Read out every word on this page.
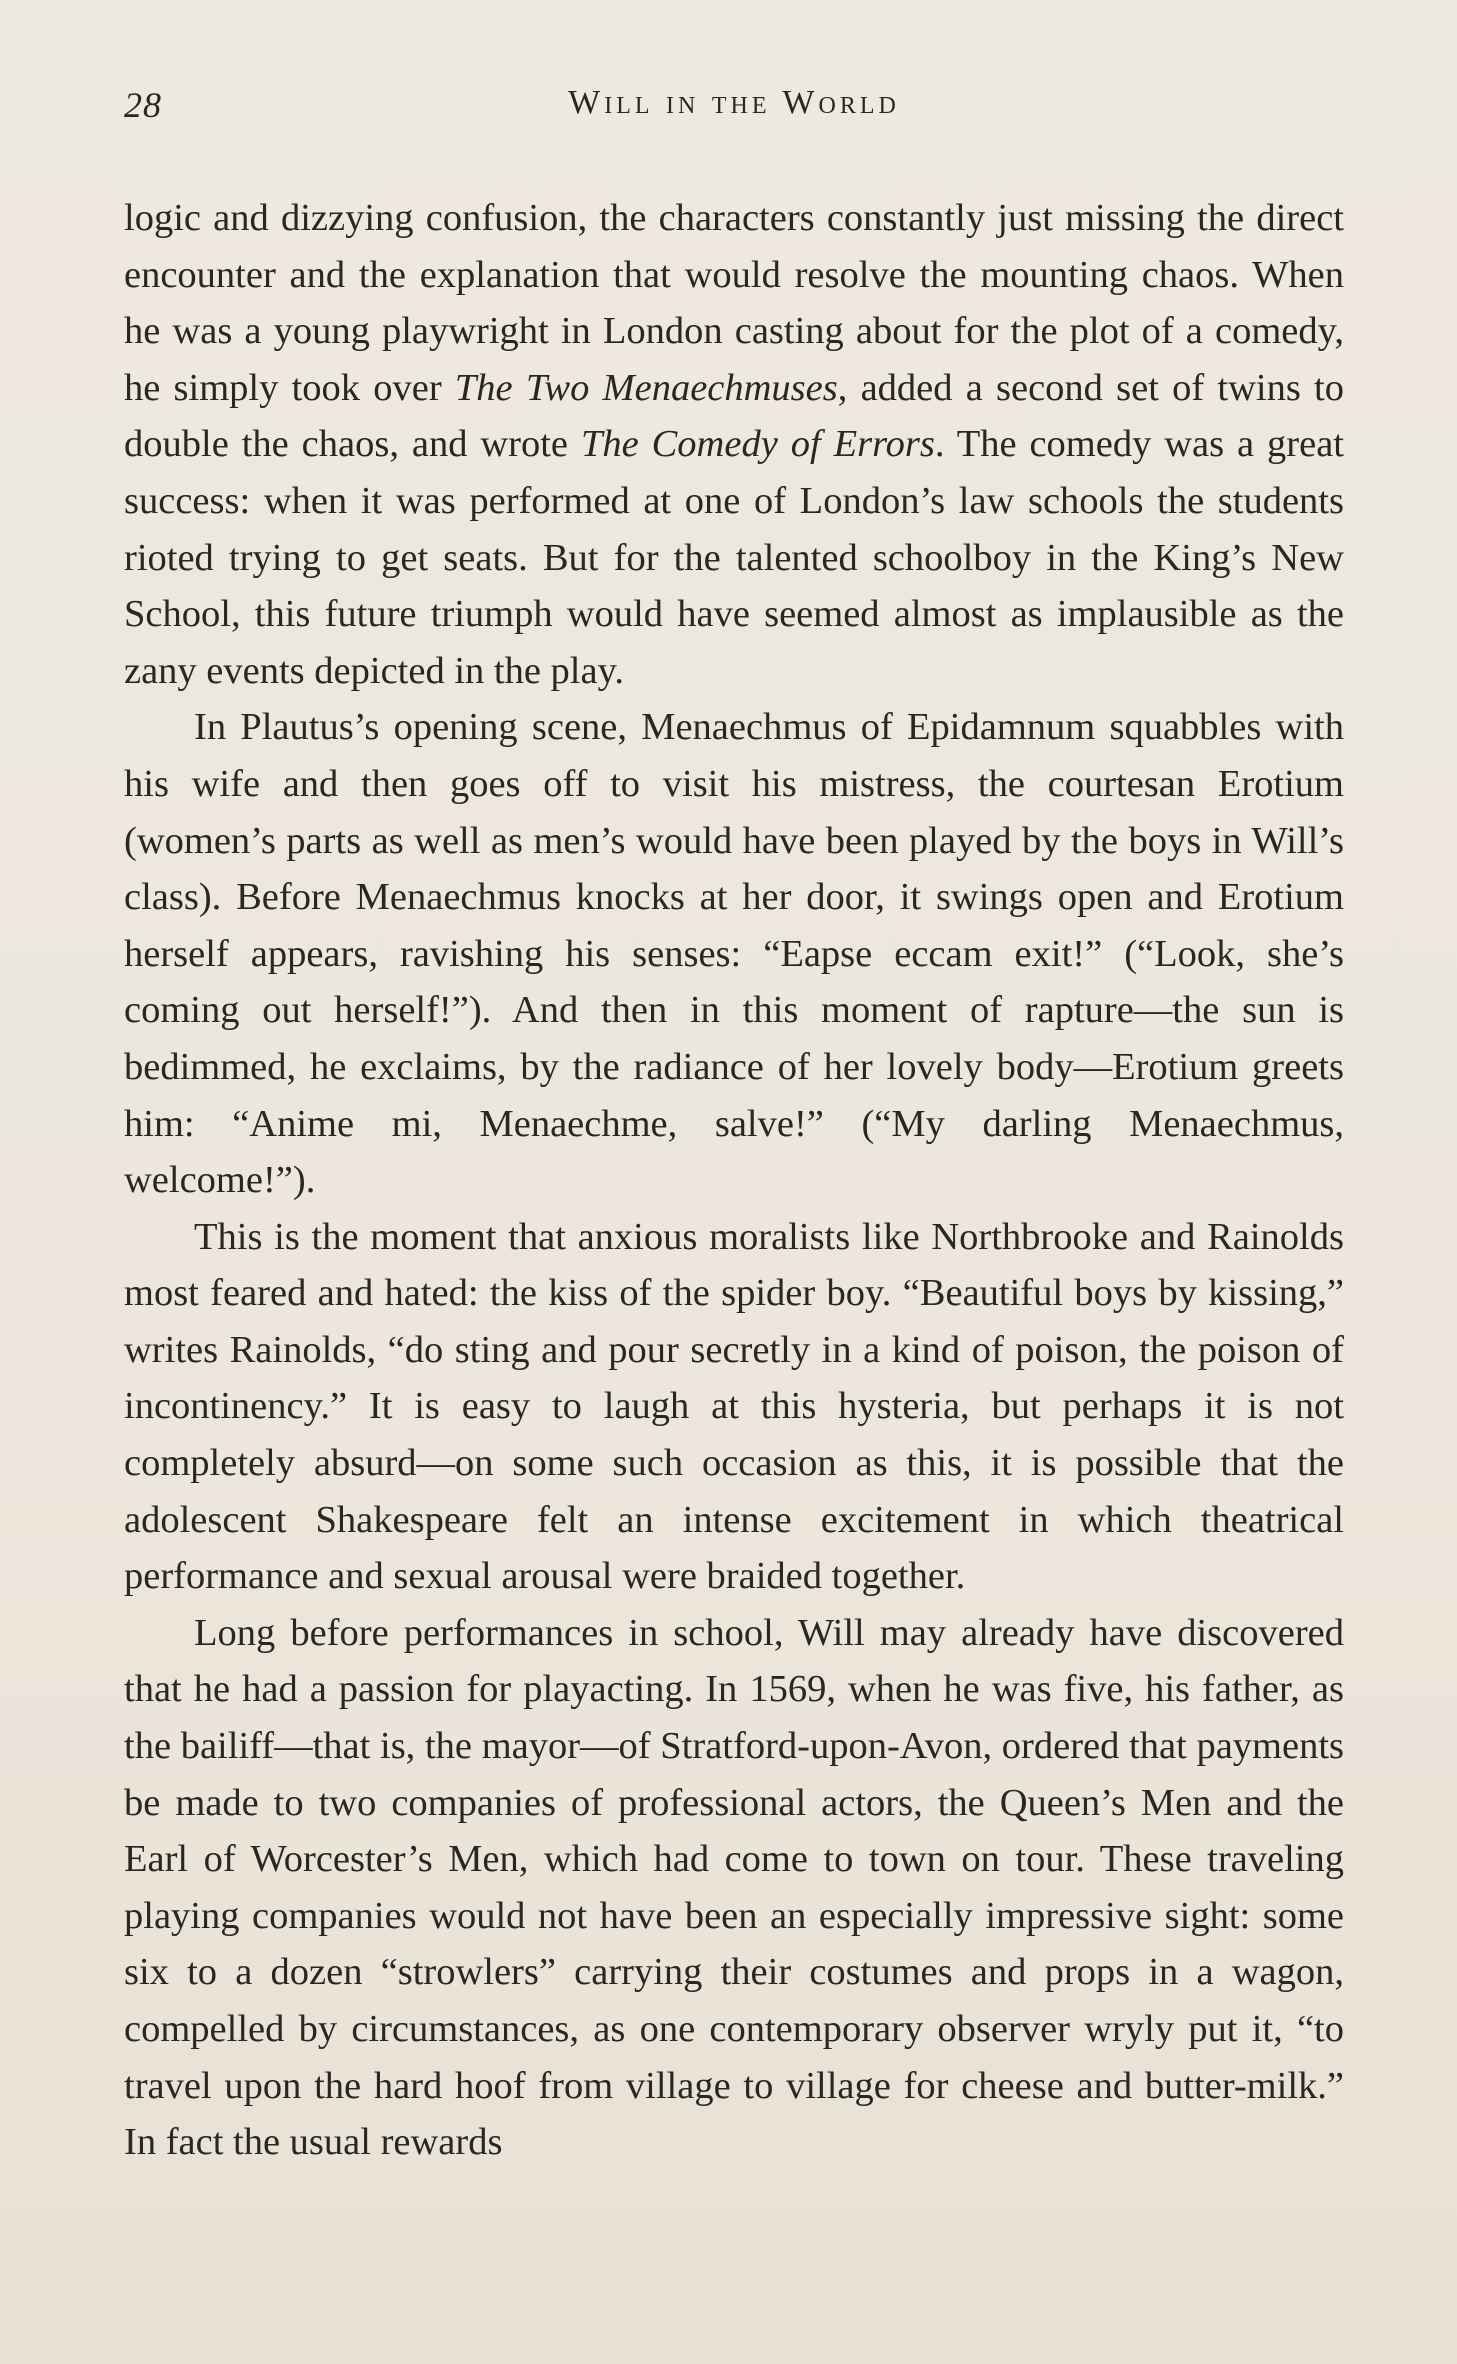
28	Will in the World

logic and dizzying confusion, the characters constantly just missing the direct encounter and the explanation that would resolve the mounting chaos. When he was a young playwright in London casting about for the plot of a comedy, he simply took over The Two Menaechmuses, added a second set of twins to double the chaos, and wrote The Comedy of Errors. The comedy was a great success: when it was performed at one of London’s law schools the students rioted trying to get seats. But for the talented schoolboy in the King’s New School, this future triumph would have seemed almost as implausible as the zany events depicted in the play.

In Plautus’s opening scene, Menaechmus of Epidamnum squabbles with his wife and then goes off to visit his mistress, the courtesan Erotium (women’s parts as well as men’s would have been played by the boys in Will’s class). Before Menaechmus knocks at her door, it swings open and Erotium herself appears, ravishing his senses: “Eapse eccam exit!” (“Look, she’s coming out herself!”). And then in this moment of rapture—the sun is bedimmed, he exclaims, by the radiance of her lovely body—Erotium greets him: “Anime mi, Menaechme, salve!” (“My darling Menaechmus, welcome!”).

This is the moment that anxious moralists like Northbrooke and Rainolds most feared and hated: the kiss of the spider boy. “Beautiful boys by kissing,” writes Rainolds, “do sting and pour secretly in a kind of poison, the poison of incontinency.” It is easy to laugh at this hysteria, but perhaps it is not completely absurd—on some such occasion as this, it is possible that the adolescent Shakespeare felt an intense excitement in which theatrical performance and sexual arousal were braided together.

Long before performances in school, Will may already have discovered that he had a passion for playacting. In 1569, when he was five, his father, as the bailiff—that is, the mayor—of Stratford-upon-Avon, ordered that payments be made to two companies of professional actors, the Queen’s Men and the Earl of Worcester’s Men, which had come to town on tour. These traveling playing companies would not have been an especially impressive sight: some six to a dozen “strowlers” carrying their costumes and props in a wagon, compelled by circumstances, as one contemporary observer wryly put it, “to travel upon the hard hoof from village to village for cheese and butter-milk.” In fact the usual rewards
